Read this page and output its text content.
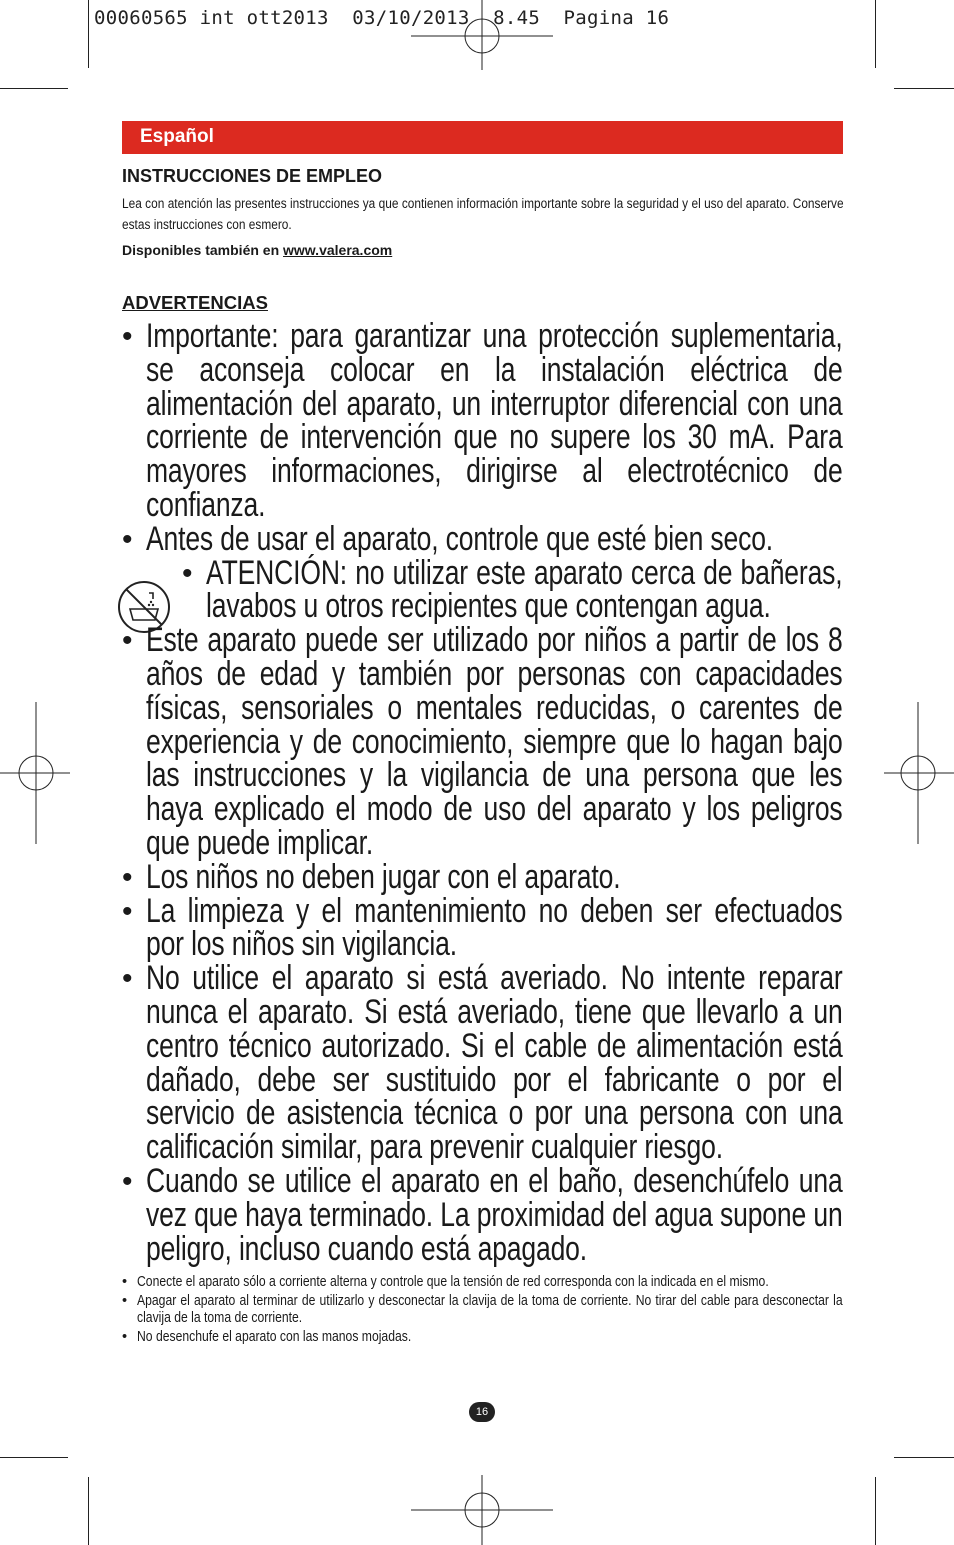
00060565 int ott2013  03/10/2013  8.45  Pagina 16
Español
INSTRUCCIONES DE EMPLEO

Lea con atención las presentes instrucciones ya que contienen información importante sobre la seguridad y el uso del aparato. Conserve estas instrucciones con esmero.

Disponibles también en www.valera.com

ADVERTENCIAS
• Importante: para garantizar una protección suplementaria, se aconseja colocar en la instalación eléctrica de alimentación del aparato, un interruptor diferencial con una corriente de intervención que no supere los 30 mA. Para mayores informaciones, dirigirse al electrotécnico de confianza.
• Antes de usar el aparato, controle que esté bien seco.
• ATENCIÓN: no utilizar este aparato cerca de bañeras, lavabos u otros recipientes que contengan agua.
• Este aparato puede ser utilizado por niños a partir de los 8 años de edad y también por personas con capacidades físicas, sensoriales o mentales reducidas, o carentes de experiencia y de conocimiento, siempre que lo hagan bajo las instrucciones y la vigilancia de una persona que les haya explicado el modo de uso del aparato y los peligros que puede implicar.
• Los niños no deben jugar con el aparato.
• La limpieza y el mantenimiento no deben ser efectuados por los niños sin vigilancia.
• No utilice el aparato si está averiado. No intente reparar nunca el aparato. Si está averiado, tiene que llevarlo a un centro técnico autorizado. Si el cable de alimentación está dañado, debe ser sustituido por el fabricante o por el servicio de asistencia técnica o por una persona con una calificación similar, para prevenir cualquier riesgo.
• Cuando se utilice el aparato en el baño, desenchúfelo una vez que haya terminado. La proximidad del agua supone un peligro, incluso cuando está apagado.
• Conecte el aparato sólo a corriente alterna y controle que la tensión de red corresponda con la indicada en el mismo.
• Apagar el aparato al terminar de utilizarlo y desconectar la clavija de la toma de corriente. No tirar del cable para desconectar la clavija de la toma de corriente.
• No desenchufe el aparato con las manos mojadas.
16
